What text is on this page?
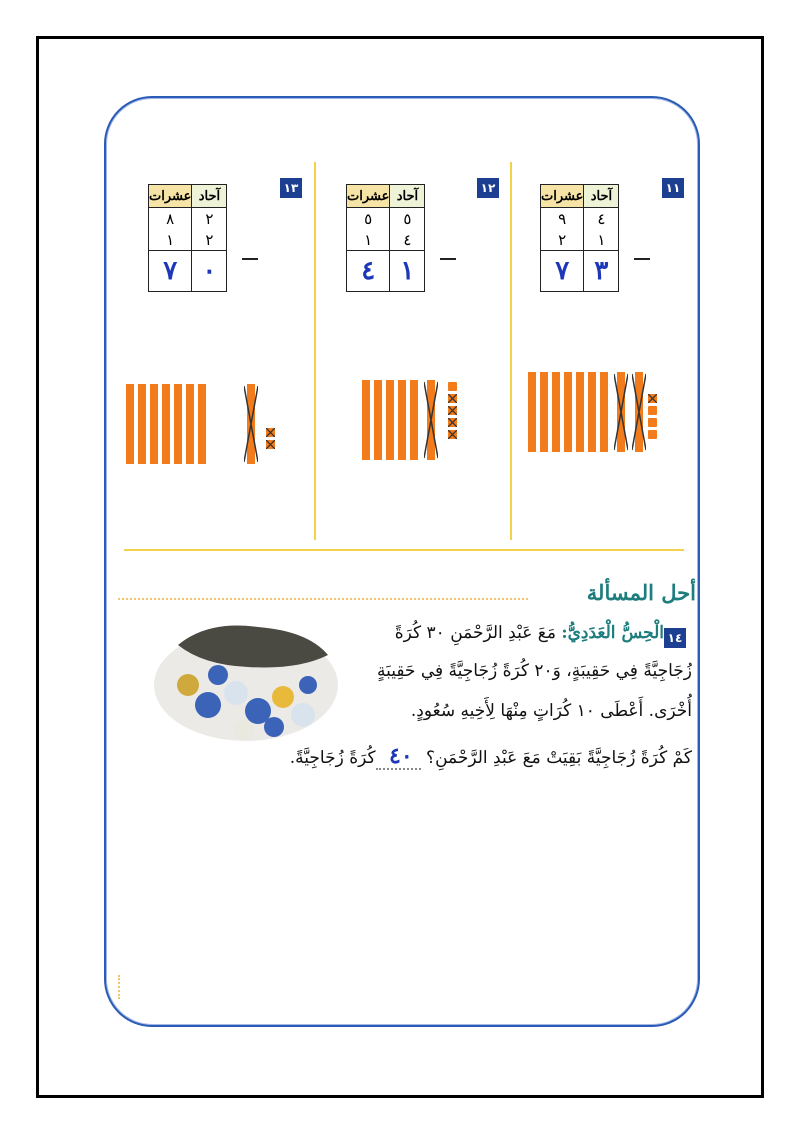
١١
عشرات	آحاد
٩	٤
٢	١
٧	٣
١٢
عشرات	آحاد
٥	٥
١	٤
٤	١
١٣
عشرات	آحاد
٨	٢
١	٢
٧	٠
أحل المسألة
١٤
الْحِسُّ الْعَدَدِيُّ: مَعَ عَبْدِ الرَّحْمَنِ ٣٠ كُرَةً
زُجَاجِيَّةً فِي حَقِيبَةٍ، وَ٢٠ كُرَةً زُجَاجِيَّةً فِي حَقِيبَةٍ
أُخْرَى. أَعْطَى ١٠ كُرَاتٍ مِنْهَا لِأَخِيهِ سُعُودٍ.
كَمْ كُرَةً زُجَاجِيَّةً بَقِيَتْ مَعَ عَبْدِ الرَّحْمَنِ؟ ٤٠ كُرَةً زُجَاجِيَّةً.
